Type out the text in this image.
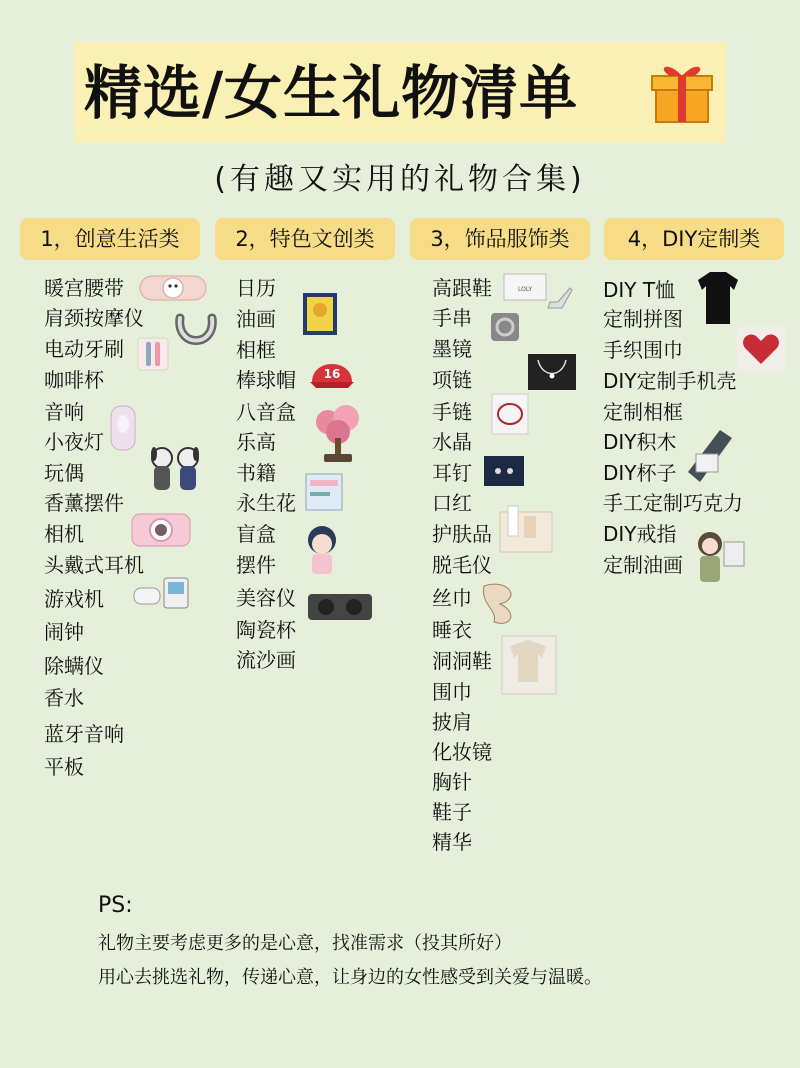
精选/女生礼物清单
(有趣又实用的礼物合集)
1，创意生活类	2，特色文创类	3，饰品服饰类	4，DIY定制类
暖宫腰带
肩颈按摩仪
电动牙刷
咖啡杯
音响
小夜灯
玩偶
香薰摆件
相机
头戴式耳机
游戏机
闹钟
除螨仪
香水
蓝牙音响
平板
日历
油画
相框
棒球帽
八音盒
乐高
书籍
永生花
盲盒
摆件
美容仪
陶瓷杯
流沙画
高跟鞋
手串
墨镜
项链
手链
水晶
耳钉
口红
护肤品
脱毛仪
丝巾
睡衣
洞洞鞋
围巾
披肩
化妆镜
胸针
鞋子
精华
DIY T恤
定制拼图
手织围巾
DIY定制手机壳
定制相框
DIY积木
DIY杯子
手工定制巧克力
DIY戒指
定制油画
16
LOLY
PS:
礼物主要考虑更多的是心意，找准需求（投其所好）
用心去挑选礼物，传递心意，让身边的女性感受到关爱与温暖。
